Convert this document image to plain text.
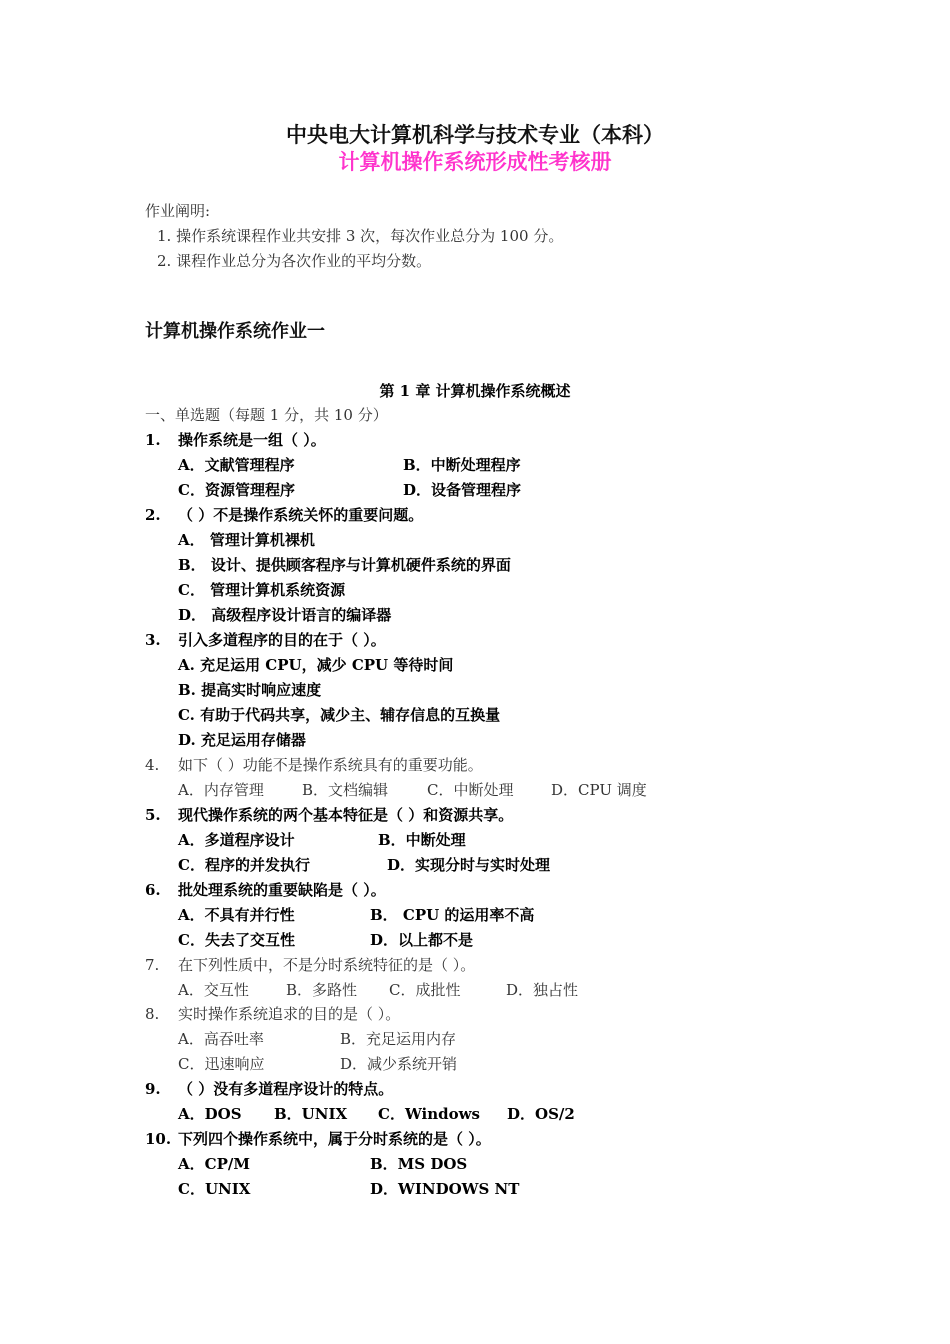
中央电大计算机科学与技术专业（本科）
计算机操作系统形成性考核册
作业阐明:
1. 操作系统课程作业共安排 3 次，每次作业总分为 100 分。
2. 课程作业总分为各次作业的平均分数。
计算机操作系统作业一
第 1 章 计算机操作系统概述
一、单选题（每题 1 分，共 10 分）
1.	操作系统是一组（ ）。
A．文献管理程序	B．中断处理程序
C．资源管理程序	D．设备管理程序
2.	（ ）不是操作系统关怀的重要问题。
A． 管理计算机裸机
B． 设计、提供顾客程序与计算机硬件系统的界面
C． 管理计算机系统资源
D． 高级程序设计语言的编译器
3.	引入多道程序的目的在于（ ）。
A. 充足运用 CPU，减少 CPU 等待时间
B. 提高实时响应速度
C. 有助于代码共享，减少主、辅存信息的互换量
D. 充足运用存储器
4.	如下（ ）功能不是操作系统具有的重要功能。
A．内存管理	B．文档编辑	C．中断处理	D．CPU 调度
5.	现代操作系统的两个基本特征是（ ）和资源共享。
A．多道程序设计	B．中断处理
C．程序的并发执行	D．实现分时与实时处理
6.	批处理系统的重要缺陷是（ ）。
A．不具有并行性	B． CPU 的运用率不高
C．失去了交互性	D．以上都不是
7.	在下列性质中，不是分时系统特征的是（ ）。
A．交互性 B．多路性 C．成批性	D．独占性
8.	实时操作系统追求的目的是（ ）。
A．高吞吐率	B．充足运用内存
C．迅速响应	D．减少系统开销
9.	（ ）没有多道程序设计的特点。
A．DOS B．UNIX C．Windows D．OS/2
10. 下列四个操作系统中，属于分时系统的是（ ）。
A．CP/M	B．MS DOS
C．UNIX	D．WINDOWS NT
